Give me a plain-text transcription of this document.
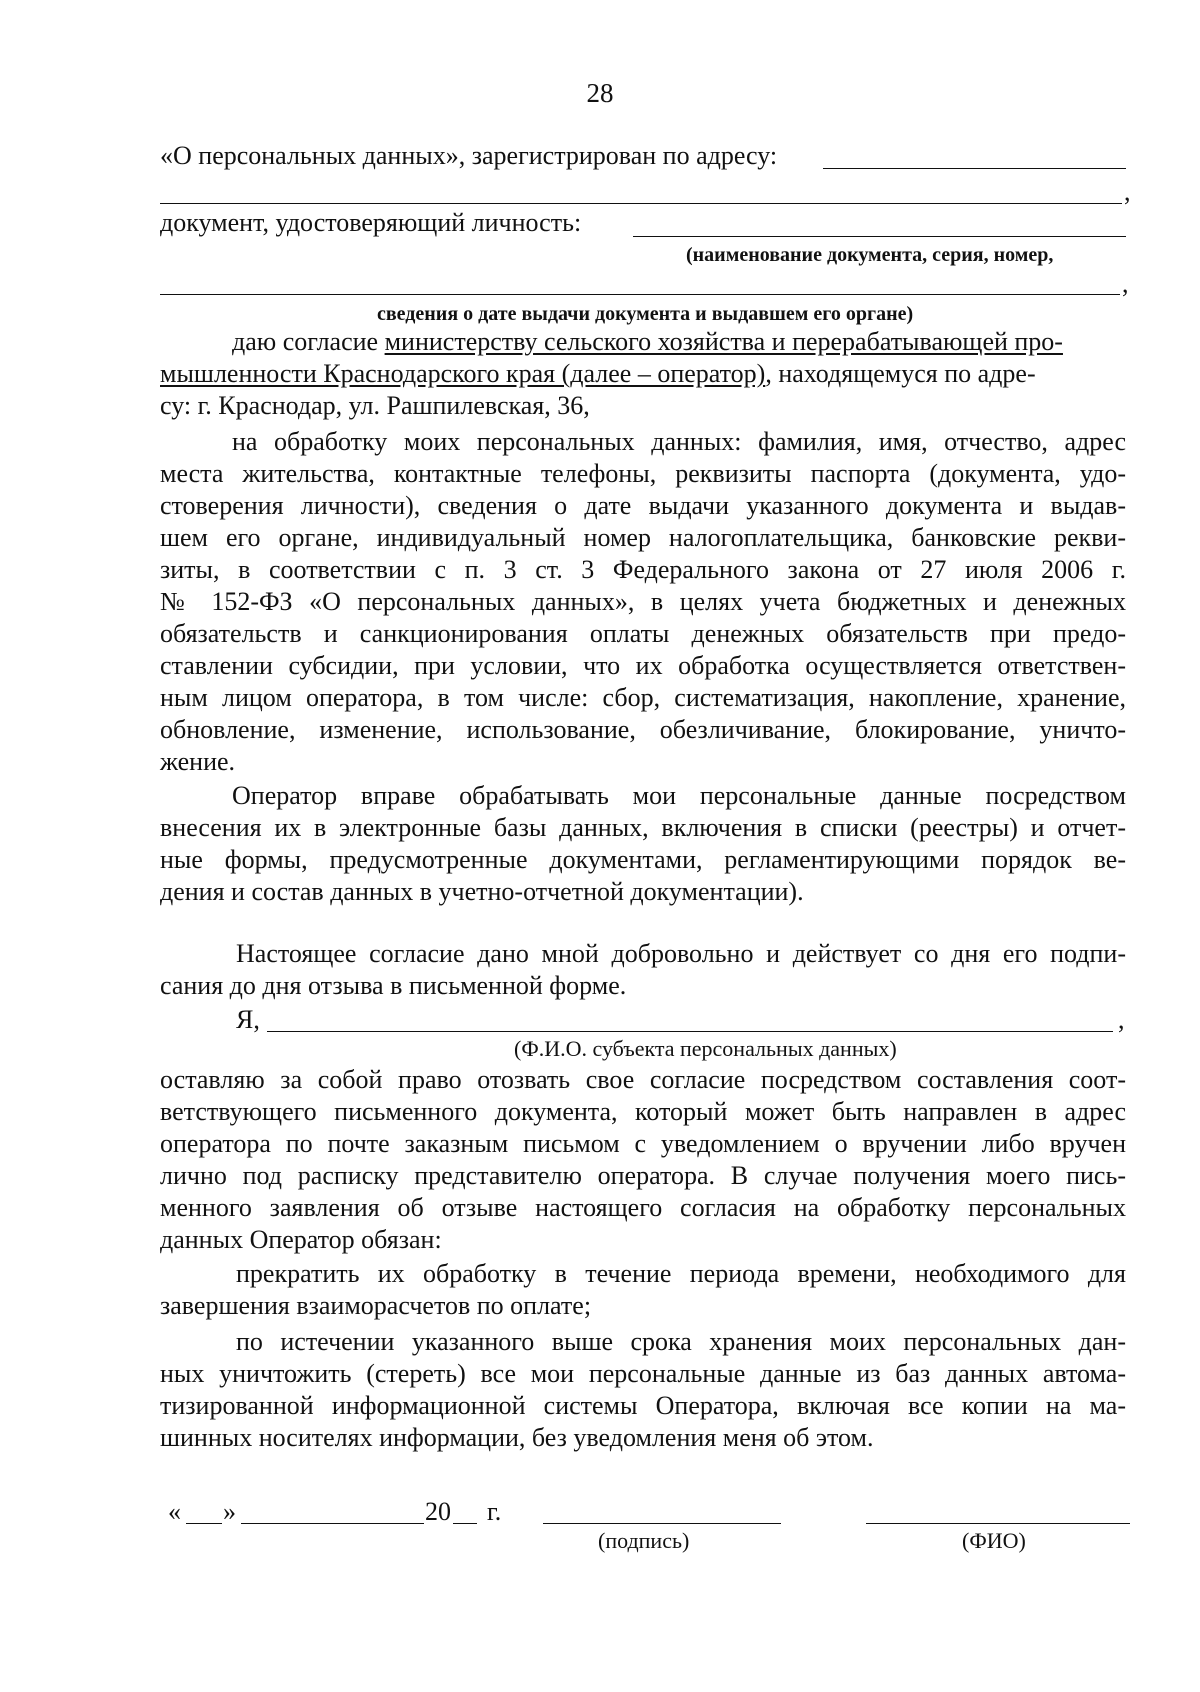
28
«О персональных данных», зарегистрирован по адресу:
,
документ, удостоверяющий личность:
(наименование документа, серия, номер,
,
сведения о дате выдачи документа и выдавшем его органе)
даю согласие министерству сельского хозяйства и перерабатывающей про-
мышленности Краснодарского края (далее – оператор), находящемуся по адре-
су: г. Краснодар, ул. Рашпилевская, 36,
на обработку моих персональных данных: фамилия, имя, отчество, адрес
места жительства, контактные телефоны, реквизиты паспорта (документа, удо-
стоверения личности), сведения о дате выдачи указанного документа и выдав-
шем его органе, индивидуальный номер налогоплательщика, банковские рекви-
зиты, в соответствии с п. 3 ст. 3 Федерального закона от 27 июля 2006 г.
№ 152-ФЗ «О персональных данных», в целях учета бюджетных и денежных
обязательств и санкционирования оплаты денежных обязательств при предо-
ставлении субсидии, при условии, что их обработка осуществляется ответствен-
ным лицом оператора, в том числе: сбор, систематизация, накопление, хранение,
обновление, изменение, использование, обезличивание, блокирование, уничто-
жение.
Оператор вправе обрабатывать мои персональные данные посредством
внесения их в электронные базы данных, включения в списки (реестры) и отчет-
ные формы, предусмотренные документами, регламентирующими порядок ве-
дения и состав данных в учетно-отчетной документации).
Настоящее согласие дано мной добровольно и действует со дня его подпи-
сания до дня отзыва в письменной форме.
Я,	,
(Ф.И.О. субъекта персональных данных)
оставляю за собой право отозвать свое согласие посредством составления соот-
ветствующего письменного документа, который может быть направлен в адрес
оператора по почте заказным письмом с уведомлением о вручении либо вручен
лично под расписку представителю оператора. В случае получения моего пись-
менного заявления об отзыве настоящего согласия на обработку персональных
данных Оператор обязан:
прекратить их обработку в течение периода времени, необходимого для
завершения взаиморасчетов по оплате;
по истечении указанного выше срока хранения моих персональных дан-
ных уничтожить (стереть) все мои персональные данные из баз данных автома-
тизированной информационной системы Оператора, включая все копии на ма-
шинных носителях информации, без уведомления меня об этом.
« »	20 г.
(подпись)	(ФИО)
